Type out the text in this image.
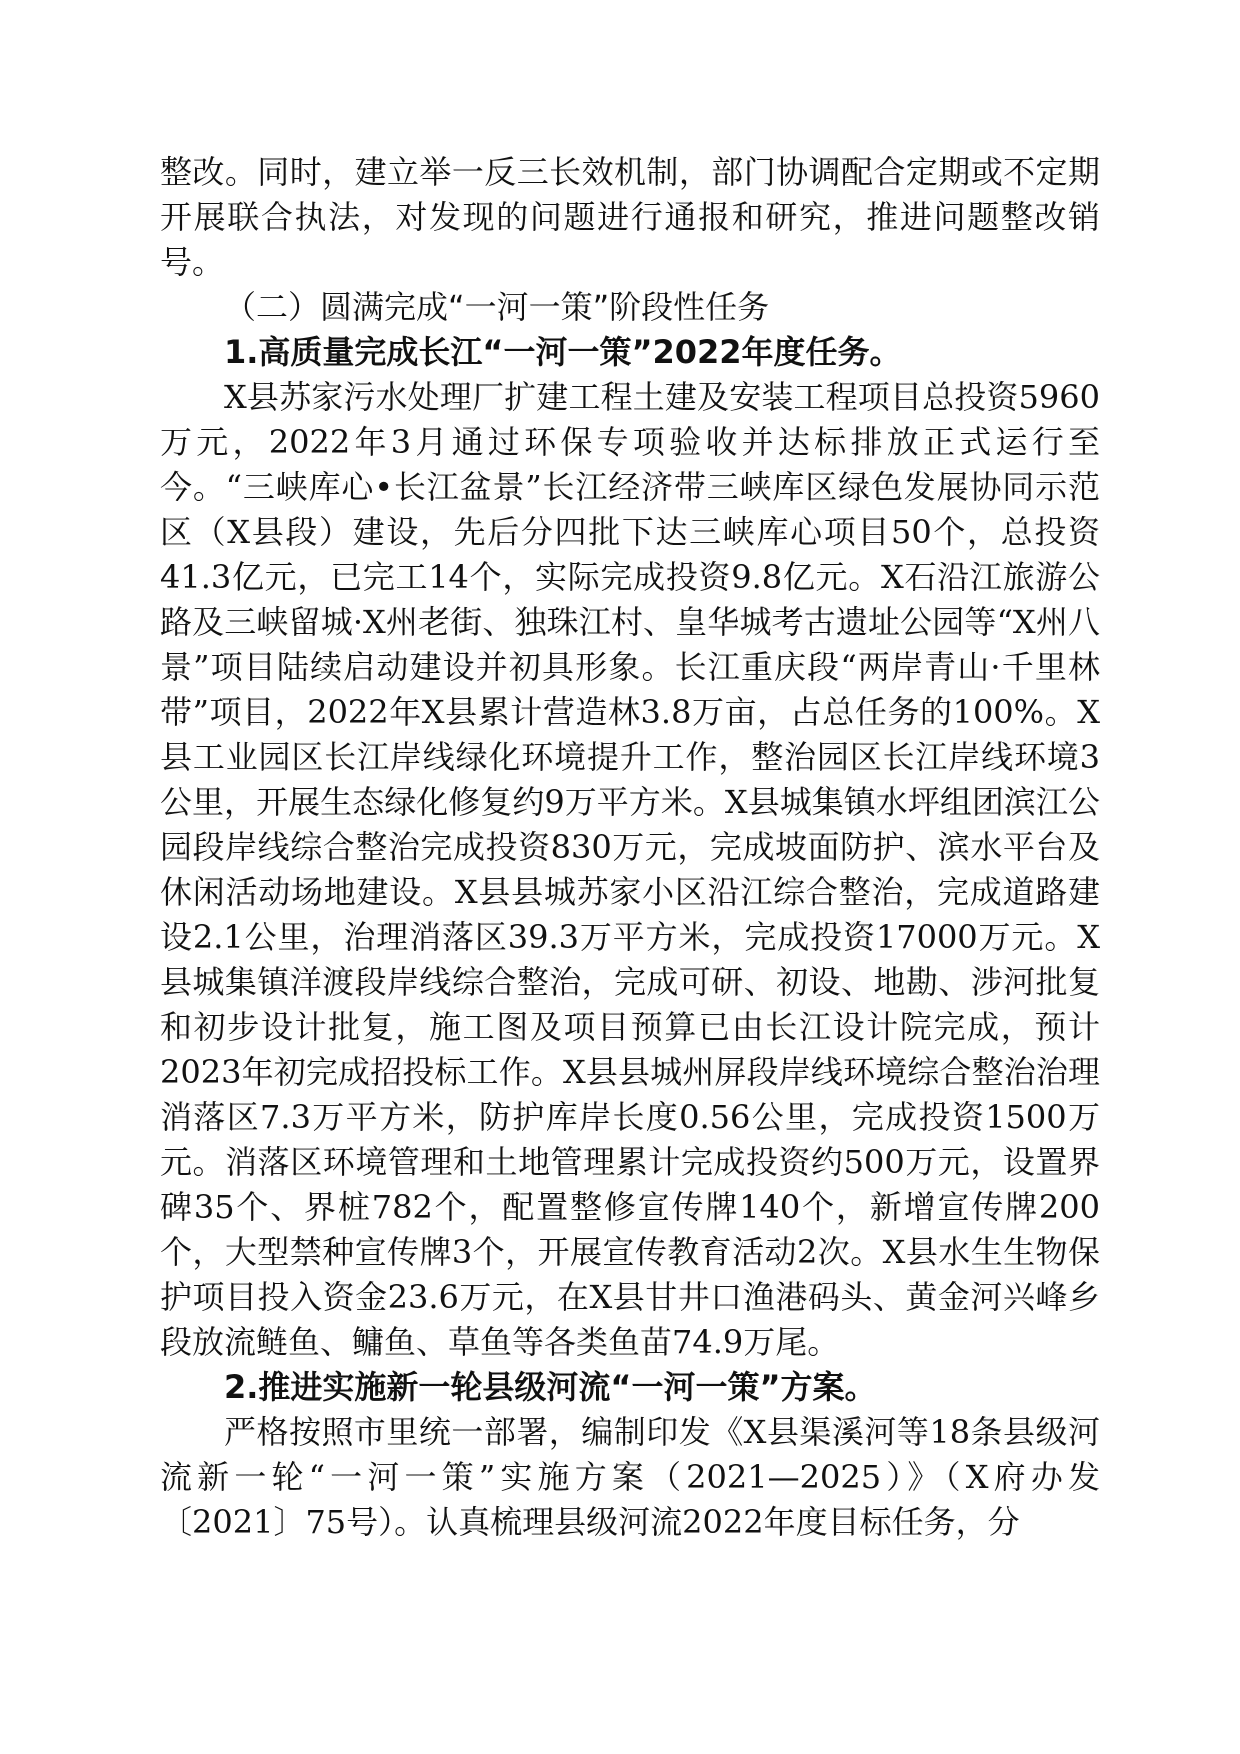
整改。同时，建立举一反三长效机制，部门协调配合定期或不定期开展联合执法，对发现的问题进行通报和研究，推进问题整改销号。

（二）圆满完成“一河一策”阶段性任务

1.高质量完成长江“一河一策”2022年度任务。

X县苏家污水处理厂扩建工程土建及安装工程项目总投资5960万元，2022年3月通过环保专项验收并达标排放正式运行至今。“三峡库心•长江盆景”长江经济带三峡库区绿色发展协同示范区（X县段）建设，先后分四批下达三峡库心项目50个，总投资41.3亿元，已完工14个，实际完成投资9.8亿元。X石沿江旅游公路及三峡留城·X州老街、独珠江村、皇华城考古遗址公园等“X州八景”项目陆续启动建设并初具形象。长江重庆段“两岸青山·千里林带”项目，2022年X县累计营造林3.8万亩，占总任务的100%。X县工业园区长江岸线绿化环境提升工作，整治园区长江岸线环境3公里，开展生态绿化修复约9万平方米。X县城集镇水坪组团滨江公园段岸线综合整治完成投资830万元，完成坡面防护、滨水平台及休闲活动场地建设。X县县城苏家小区沿江综合整治，完成道路建设2.1公里，治理消落区39.3万平方米，完成投资17000万元。X县城集镇洋渡段岸线综合整治，完成可研、初设、地勘、涉河批复和初步设计批复，施工图及项目预算已由长江设计院完成，预计2023年初完成招投标工作。X县县城州屏段岸线环境综合整治治理消落区7.3万平方米，防护库岸长度0.56公里，完成投资1500万元。消落区环境管理和土地管理累计完成投资约500万元，设置界碑35个、界桩782个，配置整修宣传牌140个，新增宣传牌200个，大型禁种宣传牌3个，开展宣传教育活动2次。X县水生生物保护项目投入资金23.6万元，在X县甘井口渔港码头、黄金河兴峰乡段放流鲢鱼、鳙鱼、草鱼等各类鱼苗74.9万尾。

2.推进实施新一轮县级河流“一河一策”方案。

严格按照市里统一部署，编制印发《X县渠溪河等18条县级河流新一轮“一河一策”实施方案（2021—2025）》（X府办发〔2021〕75号）。认真梳理县级河流2022年度目标任务，分
